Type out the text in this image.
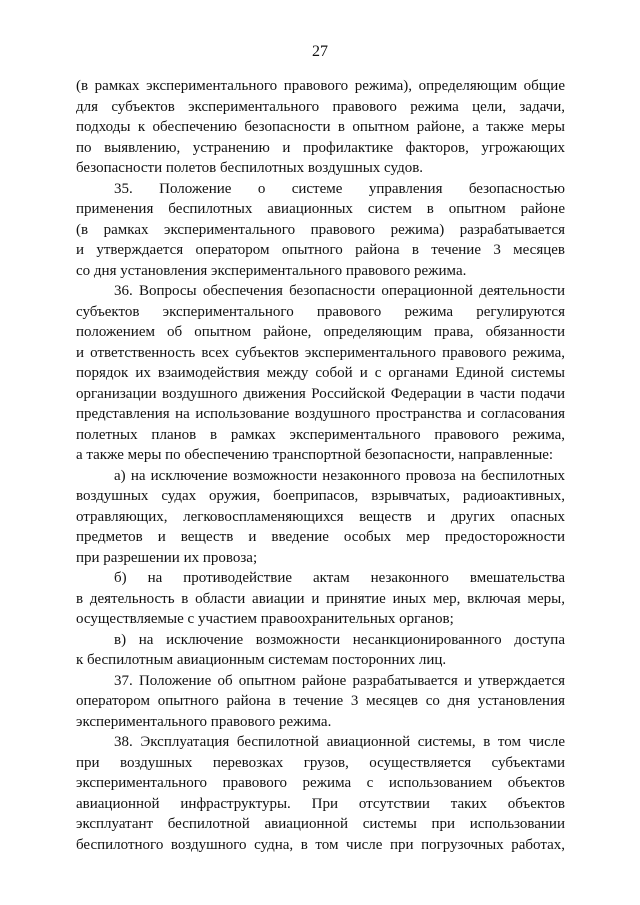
27
(в рамках экспериментального правового режима), определяющим общие
для субъектов экспериментального правового режима цели, задачи,
подходы к обеспечению безопасности в опытном районе, а также меры
по выявлению, устранению и профилактике факторов, угрожающих
безопасности полетов беспилотных воздушных судов.
35. Положение о системе управления безопасностью
применения беспилотных авиационных систем в опытном районе
(в рамках экспериментального правового режима) разрабатывается
и утверждается оператором опытного района в течение 3 месяцев
со дня установления экспериментального правового режима.
36. Вопросы обеспечения безопасности операционной деятельности
субъектов экспериментального правового режима регулируются
положением об опытном районе, определяющим права, обязанности
и ответственность всех субъектов экспериментального правового режима,
порядок их взаимодействия между собой и с органами Единой системы
организации воздушного движения Российской Федерации в части подачи
представления на использование воздушного пространства и согласования
полетных планов в рамках экспериментального правового режима,
а также меры по обеспечению транспортной безопасности, направленные:
а) на исключение возможности незаконного провоза на беспилотных
воздушных судах оружия, боеприпасов, взрывчатых, радиоактивных,
отравляющих, легковоспламеняющихся веществ и других опасных
предметов и веществ и введение особых мер предосторожности
при разрешении их провоза;
б) на противодействие актам незаконного вмешательства
в деятельность в области авиации и принятие иных мер, включая меры,
осуществляемые с участием правоохранительных органов;
в) на исключение возможности несанкционированного доступа
к беспилотным авиационным системам посторонних лиц.
37. Положение об опытном районе разрабатывается и утверждается
оператором опытного района в течение 3 месяцев со дня установления
экспериментального правового режима.
38. Эксплуатация беспилотной авиационной системы, в том числе
при воздушных перевозках грузов, осуществляется субъектами
экспериментального правового режима с использованием объектов
авиационной инфраструктуры. При отсутствии таких объектов
эксплуатант беспилотной авиационной системы при использовании
беспилотного воздушного судна, в том числе при погрузочных работах,
